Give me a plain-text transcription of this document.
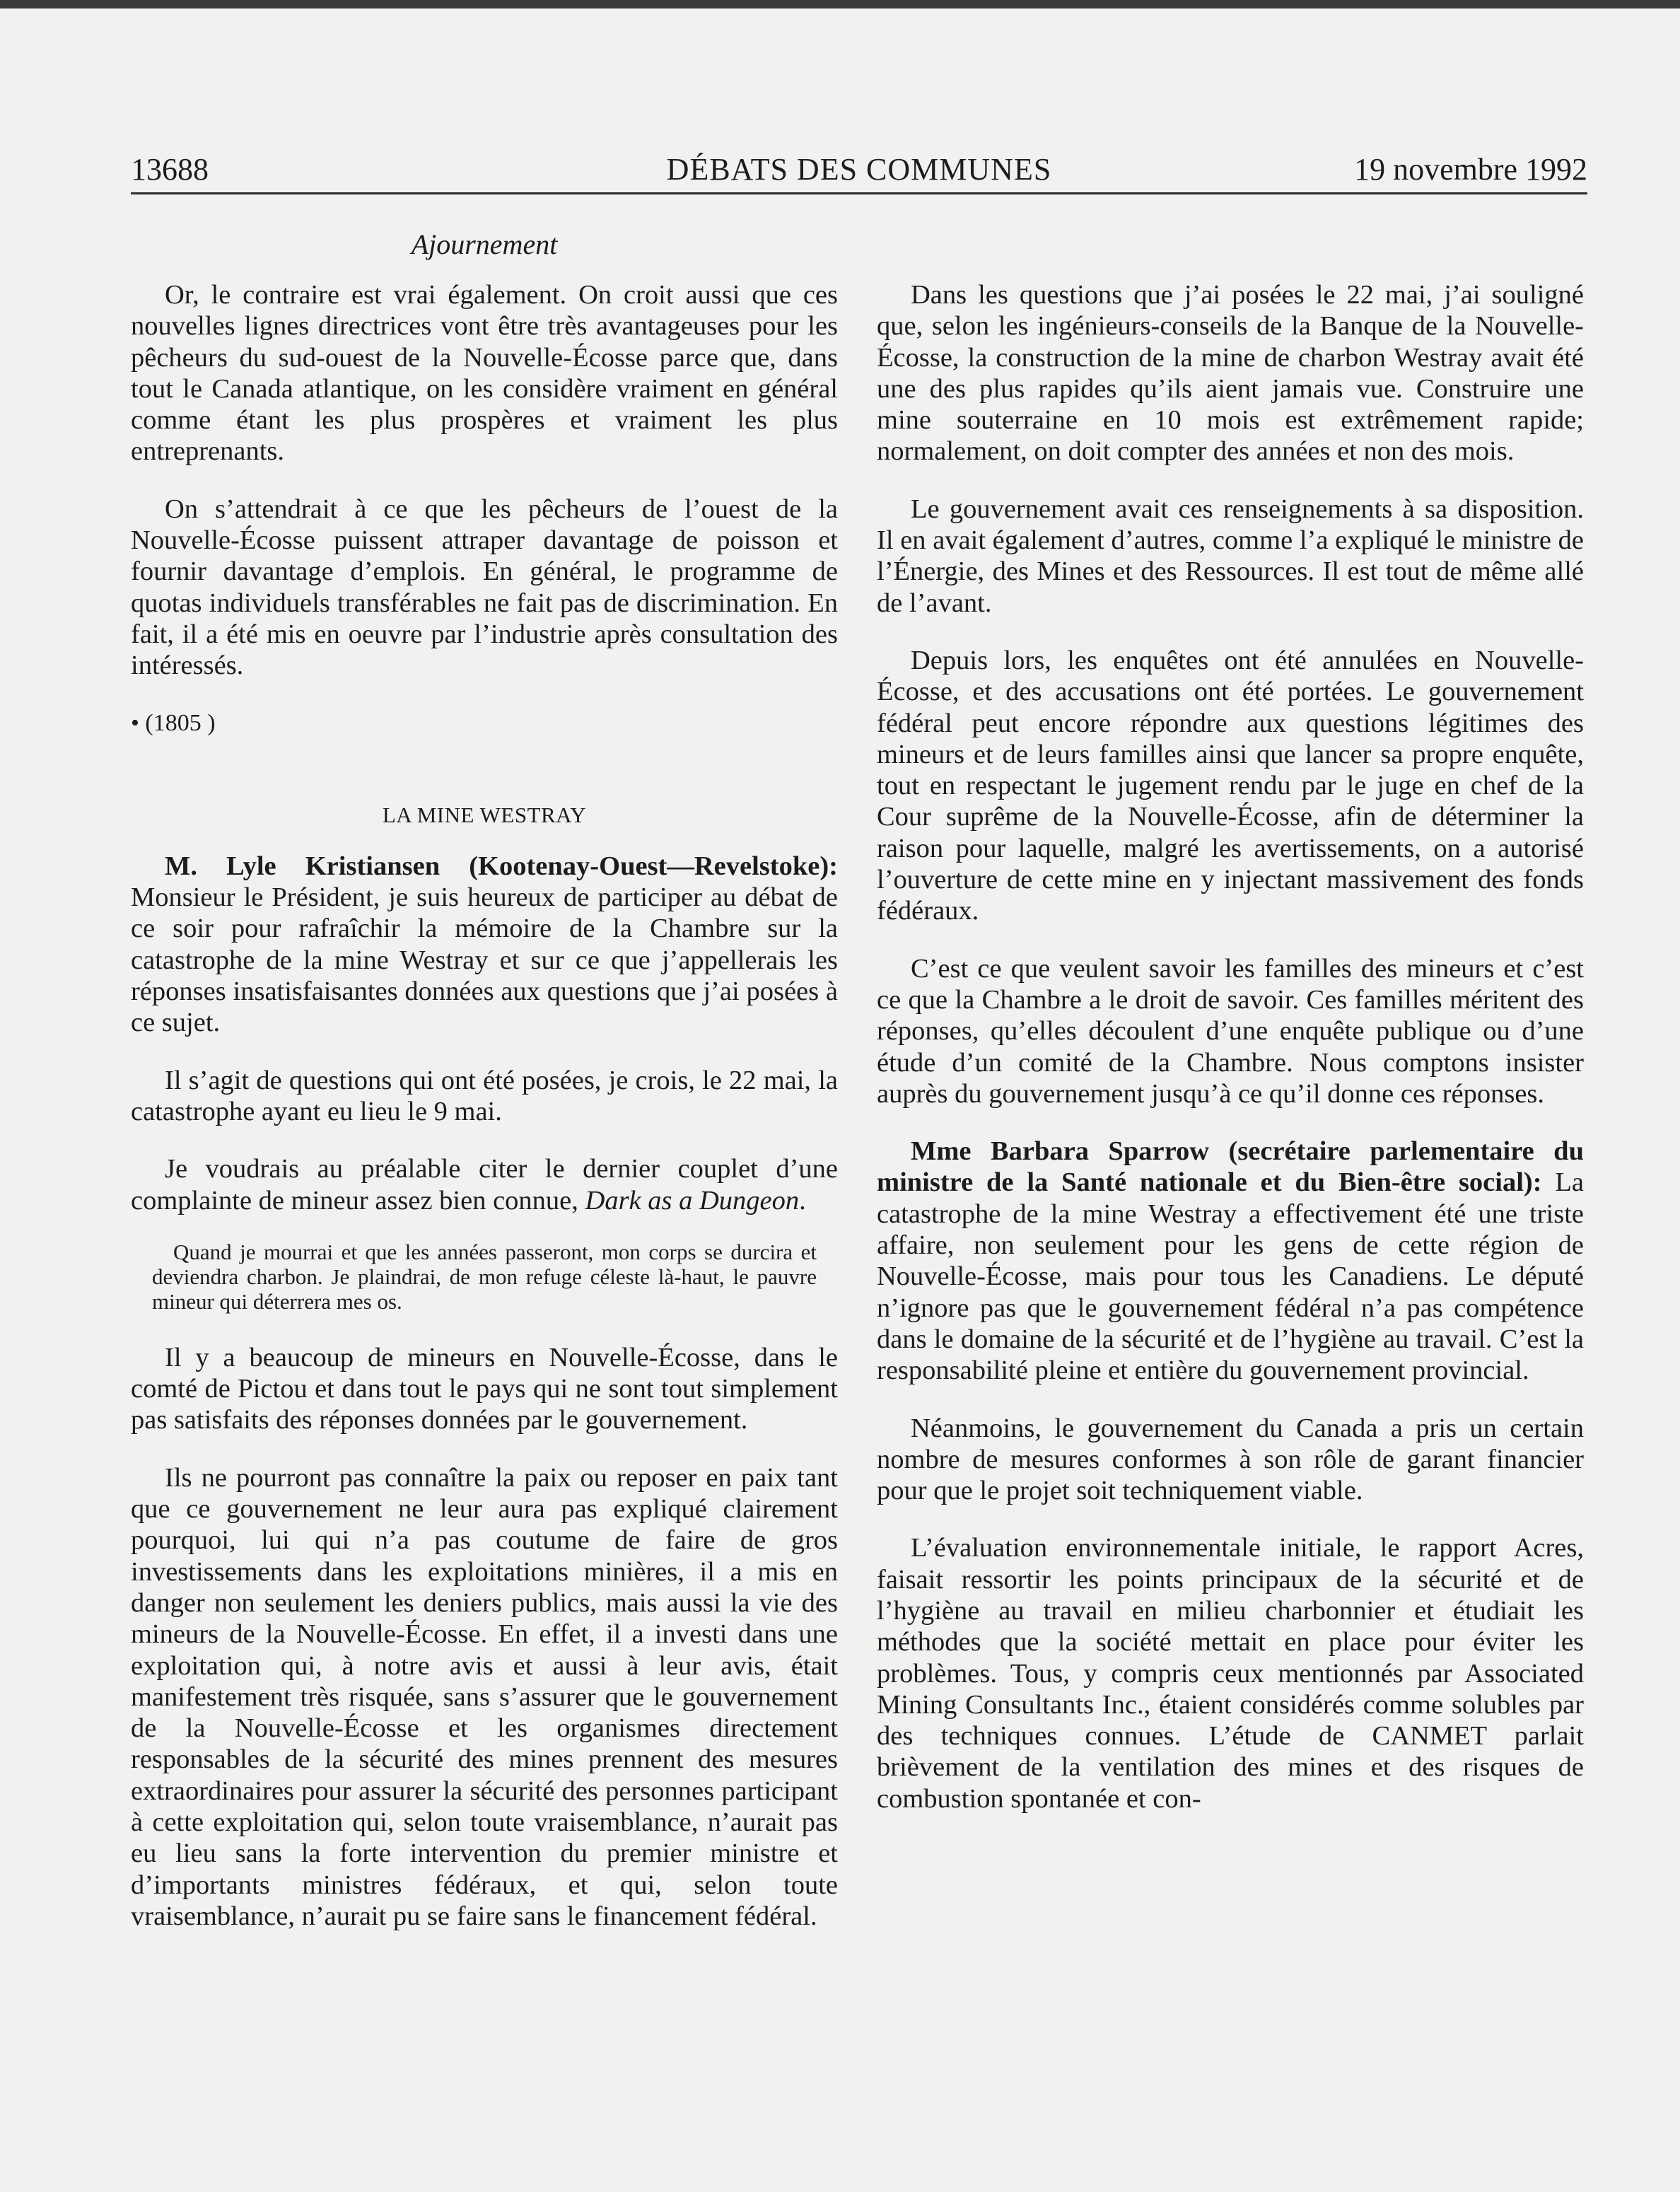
13688	DÉBATS DES COMMUNES	19 novembre 1992
Ajournement

Or, le contraire est vrai également. On croit aussi que ces nouvelles lignes directrices vont être très avantageuses pour les pêcheurs du sud-ouest de la Nouvelle-Écosse parce que, dans tout le Canada atlantique, on les considère vraiment en général comme étant les plus prospères et vraiment les plus entreprenants.

On s’attendrait à ce que les pêcheurs de l’ouest de la Nouvelle-Écosse puissent attraper davantage de poisson et fournir davantage d’emplois. En général, le programme de quotas individuels transférables ne fait pas de discrimination. En fait, il a été mis en oeuvre par l’industrie après consultation des intéressés.

• (1805 )

LA MINE WESTRAY

M. Lyle Kristiansen (Kootenay-Ouest—Revelstoke): Monsieur le Président, je suis heureux de participer au débat de ce soir pour rafraîchir la mémoire de la Chambre sur la catastrophe de la mine Westray et sur ce que j’appellerais les réponses insatisfaisantes données aux questions que j’ai posées à ce sujet.

Il s’agit de questions qui ont été posées, je crois, le 22 mai, la catastrophe ayant eu lieu le 9 mai.

Je voudrais au préalable citer le dernier couplet d’une complainte de mineur assez bien connue, Dark as a Dungeon.

Quand je mourrai et que les années passeront, mon corps se durcira et deviendra charbon. Je plaindrai, de mon refuge céleste là-haut, le pauvre mineur qui déterrera mes os.

Il y a beaucoup de mineurs en Nouvelle-Écosse, dans le comté de Pictou et dans tout le pays qui ne sont tout simplement pas satisfaits des réponses données par le gouvernement.

Ils ne pourront pas connaître la paix ou reposer en paix tant que ce gouvernement ne leur aura pas expliqué clairement pourquoi, lui qui n’a pas coutume de faire de gros investissements dans les exploitations minières, il a mis en danger non seulement les deniers publics, mais aussi la vie des mineurs de la Nouvelle-Écosse. En effet, il a investi dans une exploitation qui, à notre avis et aussi à leur avis, était manifestement très risquée, sans s’assurer que le gouvernement de la Nouvelle-Écosse et les organismes directement responsables de la sécurité des mines prennent des mesures extraordinaires pour assurer la sécurité des personnes participant à cette exploitation qui, selon toute vraisemblance, n’aurait pas eu lieu sans la forte intervention du premier ministre et d’importants ministres fédéraux, et qui, selon toute vraisemblance, n’aurait pu se faire sans le financement fédéral.

Dans les questions que j’ai posées le 22 mai, j’ai souligné que, selon les ingénieurs-conseils de la Banque de la Nouvelle-Écosse, la construction de la mine de charbon Westray avait été une des plus rapides qu’ils aient jamais vue. Construire une mine souterraine en 10 mois est extrêmement rapide; normalement, on doit compter des années et non des mois.

Le gouvernement avait ces renseignements à sa disposition. Il en avait également d’autres, comme l’a expliqué le ministre de l’Énergie, des Mines et des Ressources. Il est tout de même allé de l’avant.

Depuis lors, les enquêtes ont été annulées en Nouvelle-Écosse, et des accusations ont été portées. Le gouvernement fédéral peut encore répondre aux questions légitimes des mineurs et de leurs familles ainsi que lancer sa propre enquête, tout en respectant le jugement rendu par le juge en chef de la Cour suprême de la Nouvelle-Écosse, afin de déterminer la raison pour laquelle, malgré les avertissements, on a autorisé l’ouverture de cette mine en y injectant massivement des fonds fédéraux.

C’est ce que veulent savoir les familles des mineurs et c’est ce que la Chambre a le droit de savoir. Ces familles méritent des réponses, qu’elles découlent d’une enquête publique ou d’une étude d’un comité de la Chambre. Nous comptons insister auprès du gouvernement jusqu’à ce qu’il donne ces réponses.

Mme Barbara Sparrow (secrétaire parlementaire du ministre de la Santé nationale et du Bien-être social): La catastrophe de la mine Westray a effectivement été une triste affaire, non seulement pour les gens de cette région de Nouvelle-Écosse, mais pour tous les Canadiens. Le député n’ignore pas que le gouvernement fédéral n’a pas compétence dans le domaine de la sécurité et de l’hygiène au travail. C’est la responsabilité pleine et entière du gouvernement provincial.

Néanmoins, le gouvernement du Canada a pris un certain nombre de mesures conformes à son rôle de garant financier pour que le projet soit techniquement viable.

L’évaluation environnementale initiale, le rapport Acres, faisait ressortir les points principaux de la sécurité et de l’hygiène au travail en milieu charbonnier et étudiait les méthodes que la société mettait en place pour éviter les problèmes. Tous, y compris ceux mentionnés par Associated Mining Consultants Inc., étaient considérés comme solubles par des techniques connues. L’étude de CANMET parlait brièvement de la ventilation des mines et des risques de combustion spontanée et con-
